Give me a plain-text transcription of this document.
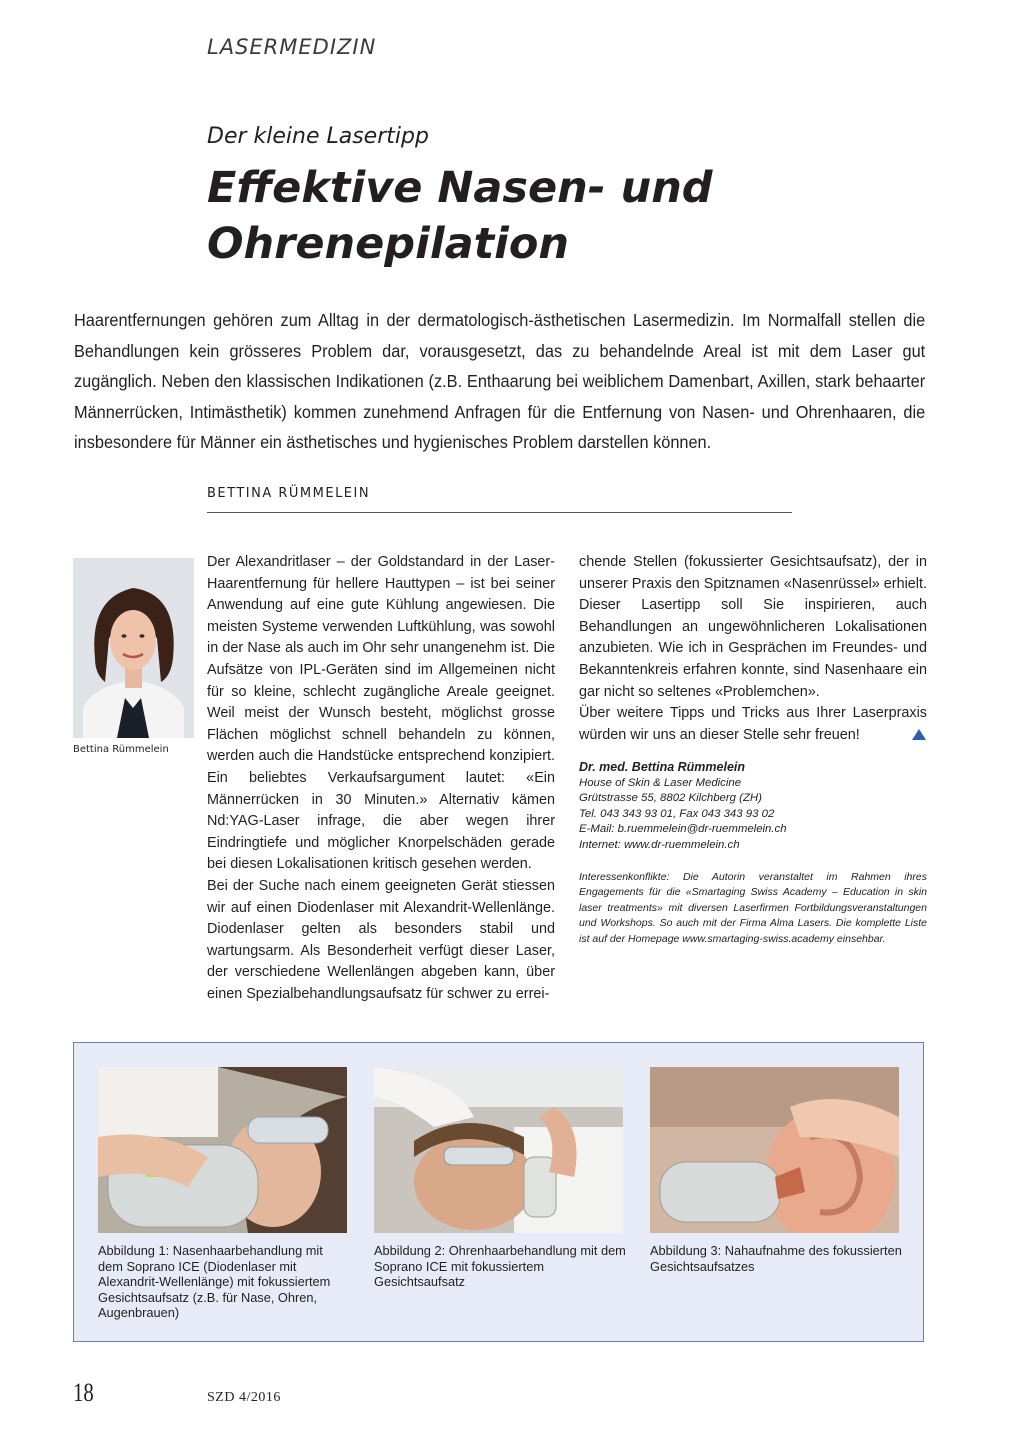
LASERMEDIZIN
Der kleine Lasertipp
Effektive Nasen- und Ohrenepilation
Haarentfernungen gehören zum Alltag in der dermatologisch-ästhetischen Lasermedizin. Im Normalfall stellen die Behandlungen kein grösseres Problem dar, vorausgesetzt, das zu behandelnde Areal ist mit dem Laser gut zugänglich. Neben den klassischen Indikationen (z.B. Enthaarung bei weiblichem Damenbart, Axillen, stark behaarter Männerrücken, Intimästhetik) kommen zunehmend Anfragen für die Entfernung von Nasen- und Ohrenhaaren, die insbesondere für Männer ein ästhetisches und hygienisches Problem darstellen können.
BETTINA RÜMMELEIN
Bettina Rümmelein

Der Alexandritlaser – der Goldstandard in der Laser-Haarentfernung für hellere Hauttypen – ist bei seiner Anwendung auf eine gute Kühlung angewiesen. Die meisten Systeme verwenden Luftkühlung, was sowohl in der Nase als auch im Ohr sehr unangenehm ist. Die Aufsätze von IPL-Geräten sind im Allgemeinen nicht für so kleine, schlecht zugängliche Areale geeignet. Weil meist der Wunsch besteht, möglichst grosse Flächen möglichst schnell behandeln zu können, werden auch die Handstücke entsprechend konzipiert. Ein beliebtes Verkaufsargument lautet: «Ein Männerrücken in 30 Minuten.» Alternativ kämen Nd:YAG-Laser infrage, die aber wegen ihrer Eindringtiefe und möglicher Knorpelschäden gerade bei diesen Lokalisationen kritisch gesehen werden.

Bei der Suche nach einem geeigneten Gerät stiessen wir auf einen Diodenlaser mit Alexandrit-Wellenlänge. Diodenlaser gelten als besonders stabil und wartungsarm. Als Besonderheit verfügt dieser Laser, der verschiedene Wellenlängen abgeben kann, über einen Spezialbehandlungsaufsatz für schwer zu errei-

chende Stellen (fokussierter Gesichtsaufsatz), der in unserer Praxis den Spitznamen «Nasenrüssel» erhielt. Dieser Lasertipp soll Sie inspirieren, auch Behandlungen an ungewöhnlicheren Lokalisationen anzubieten. Wie ich in Gesprächen im Freundes- und Bekanntenkreis erfahren konnte, sind Nasenhaare ein gar nicht so seltenes «Problemchen».

Über weitere Tipps und Tricks aus Ihrer Laserpraxis würden wir uns an dieser Stelle sehr freuen!

Dr. med. Bettina Rümmelein
House of Skin & Laser Medicine
Grütstrasse 55, 8802 Kilchberg (ZH)
Tel. 043 343 93 01, Fax 043 343 93 02
E-Mail: b.ruemmelein@dr-ruemmelein.ch
Internet: www.dr-ruemmelein.ch
Interessenkonflikte: Die Autorin veranstaltet im Rahmen ihres Engagements für die «Smartaging Swiss Academy – Education in skin laser treatments» mit diversen Laserfirmen Fortbildungsveranstaltungen und Workshops. So auch mit der Firma Alma Lasers. Die komplette Liste ist auf der Homepage www.smartaging-swiss.academy einsehbar.
Abbildung 1: Nasenhaarbehandlung mit dem Soprano ICE (Diodenlaser mit Alexandrit-Wellenlänge) mit fokussiertem Gesichtsaufsatz (z.B. für Nase, Ohren, Augenbrauen)
Abbildung 2: Ohrenhaarbehandlung mit dem Soprano ICE mit fokussiertem Gesichtsaufsatz
Abbildung 3: Nahaufnahme des fokussierten Gesichtsaufsatzes
18	SZD 4/2016
